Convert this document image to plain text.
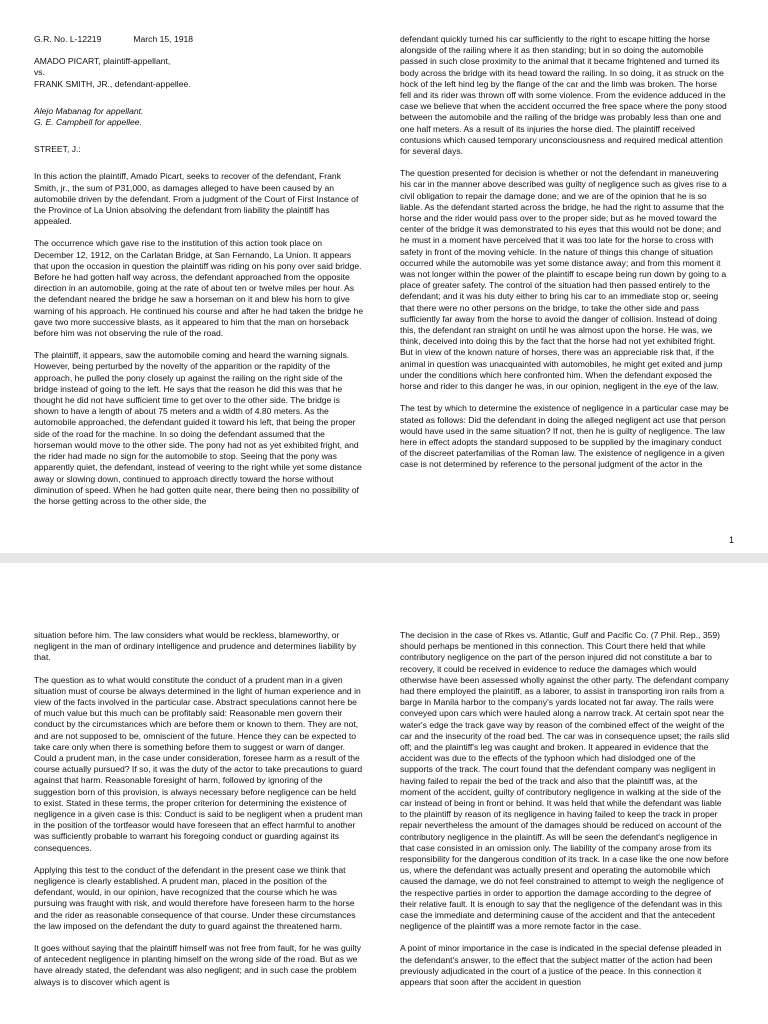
G.R. No. L-12219	March 15, 1918

AMADO PICART, plaintiff-appellant,
vs.
FRANK SMITH, JR., defendant-appellee.

Alejo Mabanag for appellant.
G. E. Campbell for appellee.

STREET, J.:

In this action the plaintiff, Amado Picart, seeks to recover of the defendant, Frank Smith, jr., the sum of P31,000, as damages alleged to have been caused by an automobile driven by the defendant. From a judgment of the Court of First Instance of the Province of La Union absolving the defendant from liability the plaintiff has appealed.

The occurrence which gave rise to the institution of this action took place on December 12, 1912, on the Carlatan Bridge, at San Fernando, La Union. It appears that upon the occasion in question the plaintiff was riding on his pony over said bridge. Before he had gotten half way across, the defendant approached from the opposite direction in an automobile, going at the rate of about ten or twelve miles per hour. As the defendant neared the bridge he saw a horseman on it and blew his horn to give warning of his approach. He continued his course and after he had taken the bridge he gave two more successive blasts, as it appeared to him that the man on horseback before him was not observing the rule of the road.

The plaintiff, it appears, saw the automobile coming and heard the warning signals. However, being perturbed by the novelty of the apparition or the rapidity of the approach, he pulled the pony closely up against the railing on the right side of the bridge instead of going to the left. He says that the reason he did this was that he thought he did not have sufficient time to get over to the other side. The bridge is shown to have a length of about 75 meters and a width of 4.80 meters. As the automobile approached, the defendant guided it toward his left, that being the proper side of the road for the machine. In so doing the defendant assumed that the horseman would move to the other side. The pony had not as yet exhibited fright, and the rider had made no sign for the automobile to stop. Seeing that the pony was apparently quiet, the defendant, instead of veering to the right while yet some distance away or slowing down, continued to approach directly toward the horse without diminution of speed. When he had gotten quite near, there being then no possibility of the horse getting across to the other side, the

defendant quickly turned his car sufficiently to the right to escape hitting the horse alongside of the railing where it as then standing; but in so doing the automobile passed in such close proximity to the animal that it became frightened and turned its body across the bridge with its head toward the railing. In so doing, it as struck on the hock of the left hind leg by the flange of the car and the limb was broken. The horse fell and its rider was thrown off with some violence. From the evidence adduced in the case we believe that when the accident occurred the free space where the pony stood between the automobile and the railing of the bridge was probably less than one and one half meters. As a result of its injuries the horse died. The plaintiff received contusions which caused temporary unconsciousness and required medical attention for several days.

The question presented for decision is whether or not the defendant in maneuvering his car in the manner above described was guilty of negligence such as gives rise to a civil obligation to repair the damage done; and we are of the opinion that he is so liable. As the defendant started across the bridge, he had the right to assume that the horse and the rider would pass over to the proper side; but as he moved toward the center of the bridge it was demonstrated to his eyes that this would not be done; and he must in a moment have perceived that it was too late for the horse to cross with safety in front of the moving vehicle. In the nature of things this change of situation occurred while the automobile was yet some distance away; and from this moment it was not longer within the power of the plaintiff to escape being run down by going to a place of greater safety. The control of the situation had then passed entirely to the defendant; and it was his duty either to bring his car to an immediate stop or, seeing that there were no other persons on the bridge, to take the other side and pass sufficiently far away from the horse to avoid the danger of collision. Instead of doing this, the defendant ran straight on until he was almost upon the horse. He was, we think, deceived into doing this by the fact that the horse had not yet exhibited fright. But in view of the known nature of horses, there was an appreciable risk that, if the animal in question was unacquainted with automobiles, he might get exited and jump under the conditions which here confronted him. When the defendant exposed the horse and rider to this danger he was, in our opinion, negligent in the eye of the law.

The test by which to determine the existence of negligence in a particular case may be stated as follows: Did the defendant in doing the alleged negligent act use that person would have used in the same situation? If not, then he is guilty of negligence. The law here in effect adopts the standard supposed to be supplied by the imaginary conduct of the discreet paterfamilias of the Roman law. The existence of negligence in a given case is not determined by reference to the personal judgment of the actor in the

1

situation before him. The law considers what would be reckless, blameworthy, or negligent in the man of ordinary intelligence and prudence and determines liability by that.

The question as to what would constitute the conduct of a prudent man in a given situation must of course be always determined in the light of human experience and in view of the facts involved in the particular case. Abstract speculations cannot here be of much value but this much can be profitably said: Reasonable men govern their conduct by the circumstances which are before them or known to them. They are not, and are not supposed to be, omniscient of the future. Hence they can be expected to take care only when there is something before them to suggest or warn of danger. Could a prudent man, in the case under consideration, foresee harm as a result of the course actually pursued? If so, it was the duty of the actor to take precautions to guard against that harm. Reasonable foresight of harm, followed by ignoring of the suggestion born of this provision, is always necessary before negligence can be held to exist. Stated in these terms, the proper criterion for determining the existence of negligence in a given case is this: Conduct is said to be negligent when a prudent man in the position of the tortfeasor would have foreseen that an effect harmful to another was sufficiently probable to warrant his foregoing conduct or guarding against its consequences.

Applying this test to the conduct of the defendant in the present case we think that negligence is clearly established. A prudent man, placed in the position of the defendant, would, in our opinion, have recognized that the course which he was pursuing was fraught with risk, and would therefore have foreseen harm to the horse and the rider as reasonable consequence of that course. Under these circumstances the law imposed on the defendant the duty to guard against the threatened harm.

It goes without saying that the plaintiff himself was not free from fault, for he was guilty of antecedent negligence in planting himself on the wrong side of the road. But as we have already stated, the defendant was also negligent; and in such case the problem always is to discover which agent is

The decision in the case of Rkes vs. Atlantic, Gulf and Pacific Co. (7 Phil. Rep., 359) should perhaps be mentioned in this connection. This Court there held that while contributory negligence on the part of the person injured did not constitute a bar to recovery, it could be received in evidence to reduce the damages which would otherwise have been assessed wholly against the other party. The defendant company had there employed the plaintiff, as a laborer, to assist in transporting iron rails from a barge in Manila harbor to the company's yards located not far away. The rails were conveyed upon cars which were hauled along a narrow track. At certain spot near the water's edge the track gave way by reason of the combined effect of the weight of the car and the insecurity of the road bed. The car was in consequence upset; the rails slid off; and the plaintiff's leg was caught and broken. It appeared in evidence that the accident was due to the effects of the typhoon which had dislodged one of the supports of the track. The court found that the defendant company was negligent in having failed to repair the bed of the track and also that the plaintiff was, at the moment of the accident, guilty of contributory negligence in walking at the side of the car instead of being in front or behind. It was held that while the defendant was liable to the plaintiff by reason of its negligence in having failed to keep the track in proper repair nevertheless the amount of the damages should be reduced on account of the contributory negligence in the plaintiff. As will be seen the defendant's negligence in that case consisted in an omission only. The liability of the company arose from its responsibility for the dangerous condition of its track. In a case like the one now before us, where the defendant was actually present and operating the automobile which caused the damage, we do not feel constrained to attempt to weigh the negligence of the respective parties in order to apportion the damage according to the degree of their relative fault. It is enough to say that the negligence of the defendant was in this case the immediate and determining cause of the accident and that the antecedent negligence of the plaintiff was a more remote factor in the case.

A point of minor importance in the case is indicated in the special defense pleaded in the defendant's answer, to the effect that the subject matter of the action had been previously adjudicated in the court of a justice of the peace. In this connection it appears that soon after the accident in question
